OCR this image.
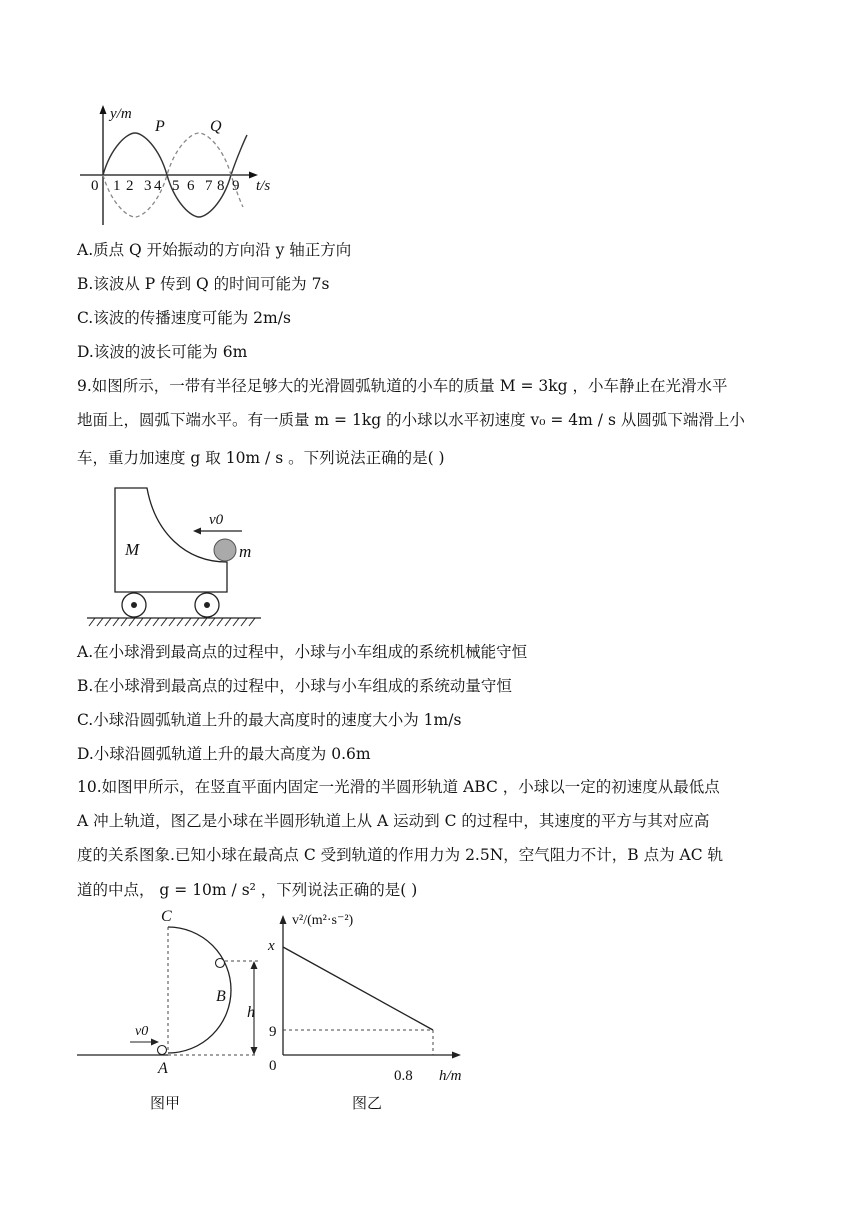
y/m
P	Q
0 1 2 3 4 5 6 7 8 9 t/s
A.质点 Q 开始振动的方向沿 y 轴正方向
B.该波从 P 传到 Q 的时间可能为 7s
C.该波的传播速度可能为 2m/s
D.该波的波长可能为 6m
9.如图所示，一带有半径足够大的光滑圆弧轨道的小车的质量 M = 3kg ，小车静止在光滑水平
地面上，圆弧下端水平。有一质量 m = 1kg 的小球以水平初速度 v₀ = 4m / s 从圆弧下端滑上小
车，重力加速度 g 取 10m / s 。下列说法正确的是( )
M	m
v0
A.在小球滑到最高点的过程中，小球与小车组成的系统机械能守恒
B.在小球滑到最高点的过程中，小球与小车组成的系统动量守恒
C.小球沿圆弧轨道上升的最大高度时的速度大小为 1m/s
D.小球沿圆弧轨道上升的最大高度为 0.6m
10.如图甲所示，在竖直平面内固定一光滑的半圆形轨道 ABC ，小球以一定的初速度从最低点
A 冲上轨道，图乙是小球在半圆形轨道上从 A 运动到 C 的过程中，其速度的平方与其对应高
度的关系图象.已知小球在最高点 C 受到轨道的作用力为 2.5N，空气阻力不计，B 点为 AC 轨
道的中点， g = 10m / s² ，下列说法正确的是( )
C
B
A
h
v0
图甲
v²/(m²·s⁻²)
x
9
0
0.8 h/m
图乙
